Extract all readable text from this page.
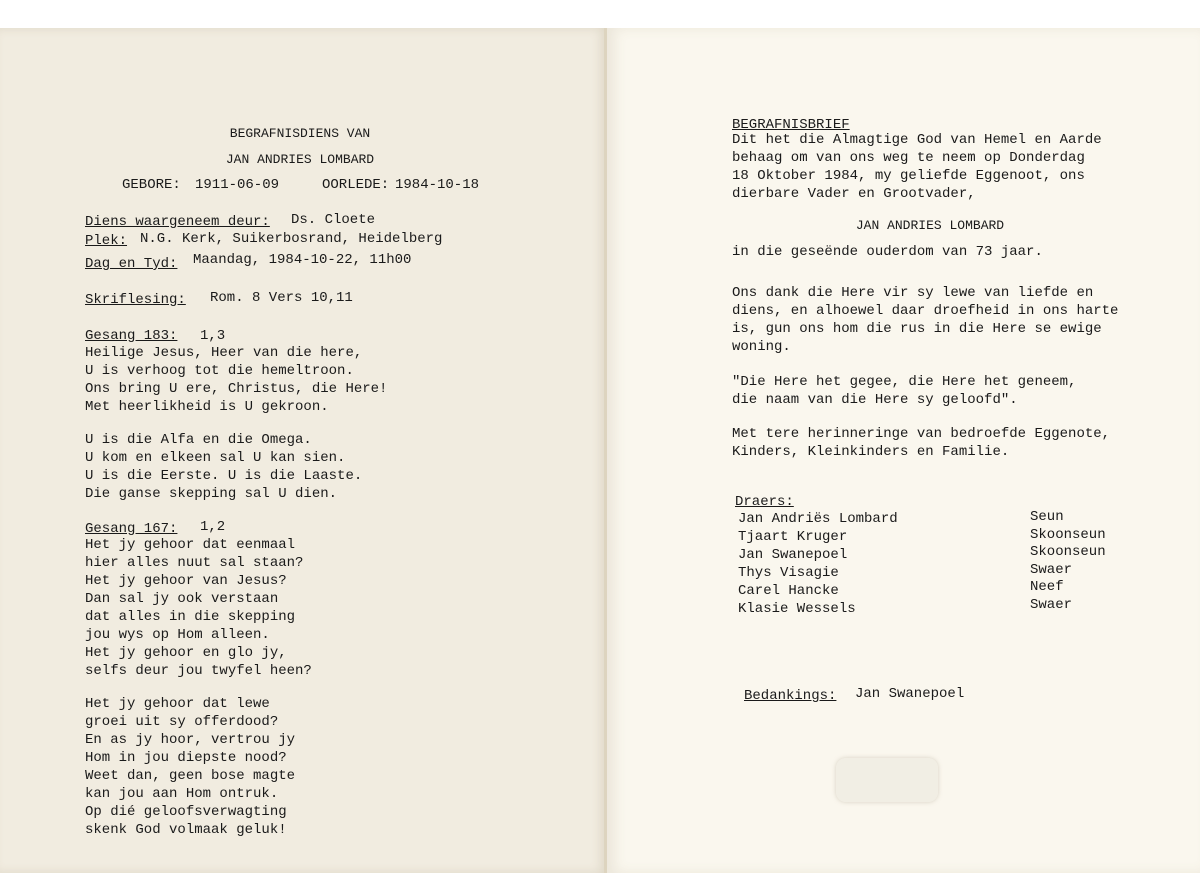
BEGRAFNISDIENS VAN
JAN ANDRIES LOMBARD
GEBORE: 1911-06-09	OORLEDE: 1984-10-18
Diens waargeneem deur: Ds. Cloete
Plek: N.G. Kerk, Suikerbosrand, Heidelberg
Dag en Tyd: Maandag, 1984-10-22, 11h00
Skriflesing: Rom. 8 Vers 10,11
Gesang 183: 1,3
Heilige Jesus, Heer van die here,
U is verhoog tot die hemeltroon.
Ons bring U ere, Christus, die Here!
Met heerlikheid is U gekroon.
U is die Alfa en die Omega.
U kom en elkeen sal U kan sien.
U is die Eerste. U is die Laaste.
Die ganse skepping sal U dien.
Gesang 167: 1,2
Het jy gehoor dat eenmaal
hier alles nuut sal staan?
Het jy gehoor van Jesus?
Dan sal jy ook verstaan
dat alles in die skepping
jou wys op Hom alleen.
Het jy gehoor en glo jy,
selfs deur jou twyfel heen?
Het jy gehoor dat lewe
groei uit sy offerdood?
En as jy hoor, vertrou jy
Hom in jou diepste nood?
Weet dan, geen bose magte
kan jou aan Hom ontruk.
Op dié geloofsverwagting
skenk God volmaak geluk!
BEGRAFNISBRIEF
Dit het die Almagtige God van Hemel en Aarde
behaag om van ons weg te neem op Donderdag
18 Oktober 1984, my geliefde Eggenoot, ons
dierbare Vader en Grootvader,
JAN ANDRIES LOMBARD
in die geseënde ouderdom van 73 jaar.
Ons dank die Here vir sy lewe van liefde en
diens, en alhoewel daar droefheid in ons harte
is, gun ons hom die rus in die Here se ewige
woning.
"Die Here het gegee, die Here het geneem,
die naam van die Here sy geloofd".
Met tere herinneringe van bedroefde Eggenote,
Kinders, Kleinkinders en Familie.
Draers:
Jan Andriës Lombard
Tjaart Kruger
Jan Swanepoel
Thys Visagie
Carel Hancke
Klasie Wessels
Seun
Skoonseun
Skoonseun
Swaer
Neef
Swaer
Bedankings: Jan Swanepoel
